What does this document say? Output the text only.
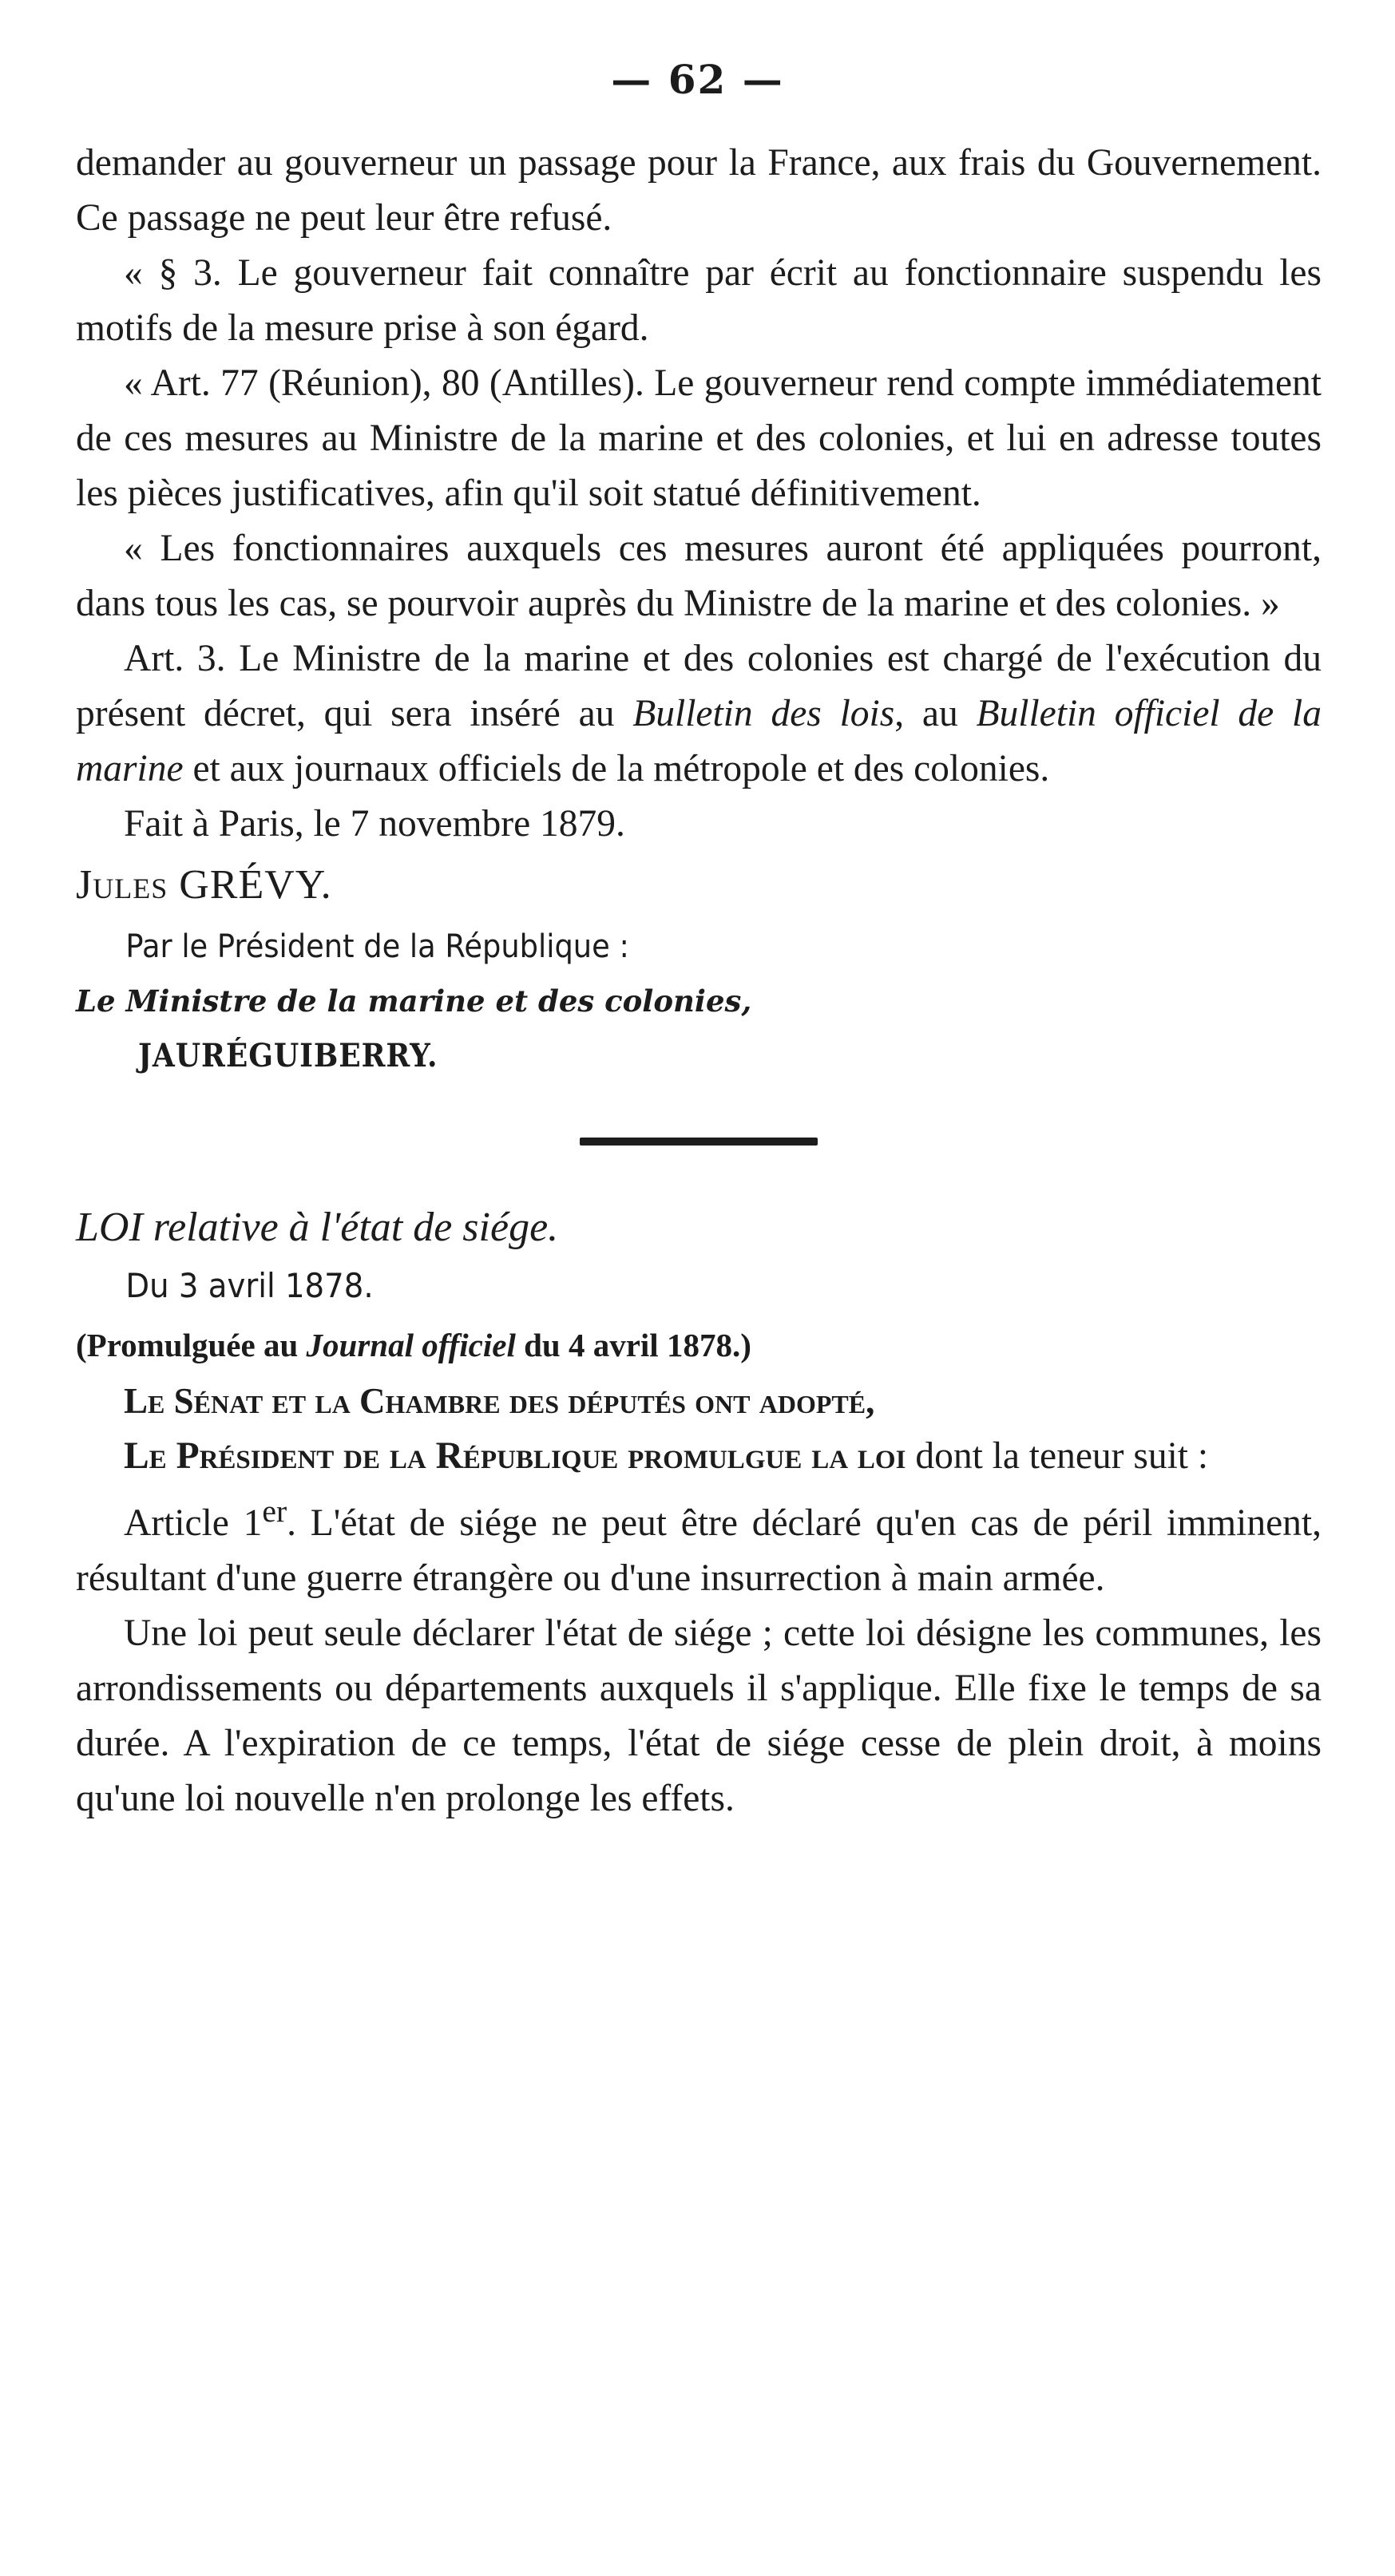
— 62 —

demander au gouverneur un passage pour la France, aux frais du Gouvernement. Ce passage ne peut leur être refusé.

« § 3. Le gouverneur fait connaître par écrit au fonctionnaire suspendu les motifs de la mesure prise à son égard.

« Art. 77 (Réunion), 80 (Antilles). Le gouverneur rend compte immédiatement de ces mesures au Ministre de la marine et des colonies, et lui en adresse toutes les pièces justificatives, afin qu'il soit statué définitivement.

« Les fonctionnaires auxquels ces mesures auront été appliquées pourront, dans tous les cas, se pourvoir auprès du Ministre de la marine et des colonies. »

Art. 3. Le Ministre de la marine et des colonies est chargé de l'exécution du présent décret, qui sera inséré au Bulletin des lois, au Bulletin officiel de la marine et aux journaux officiels de la métropole et des colonies.

Fait à Paris, le 7 novembre 1879.

Jules GRÉVY.

Par le Président de la République :

Le Ministre de la marine et des colonies,

JAURÉGUIBERRY.

LOI relative à l'état de siége.

Du 3 avril 1878.

(Promulguée au Journal officiel du 4 avril 1878.)

Le Sénat et la Chambre des députés ont adopté,

Le Président de la République promulgue la loi dont la teneur suit :

Article 1er. L'état de siége ne peut être déclaré qu'en cas de péril imminent, résultant d'une guerre étrangère ou d'une insurrection à main armée.

Une loi peut seule déclarer l'état de siége ; cette loi désigne les communes, les arrondissements ou départements auxquels il s'applique. Elle fixe le temps de sa durée. A l'expiration de ce temps, l'état de siége cesse de plein droit, à moins qu'une loi nouvelle n'en prolonge les effets.
